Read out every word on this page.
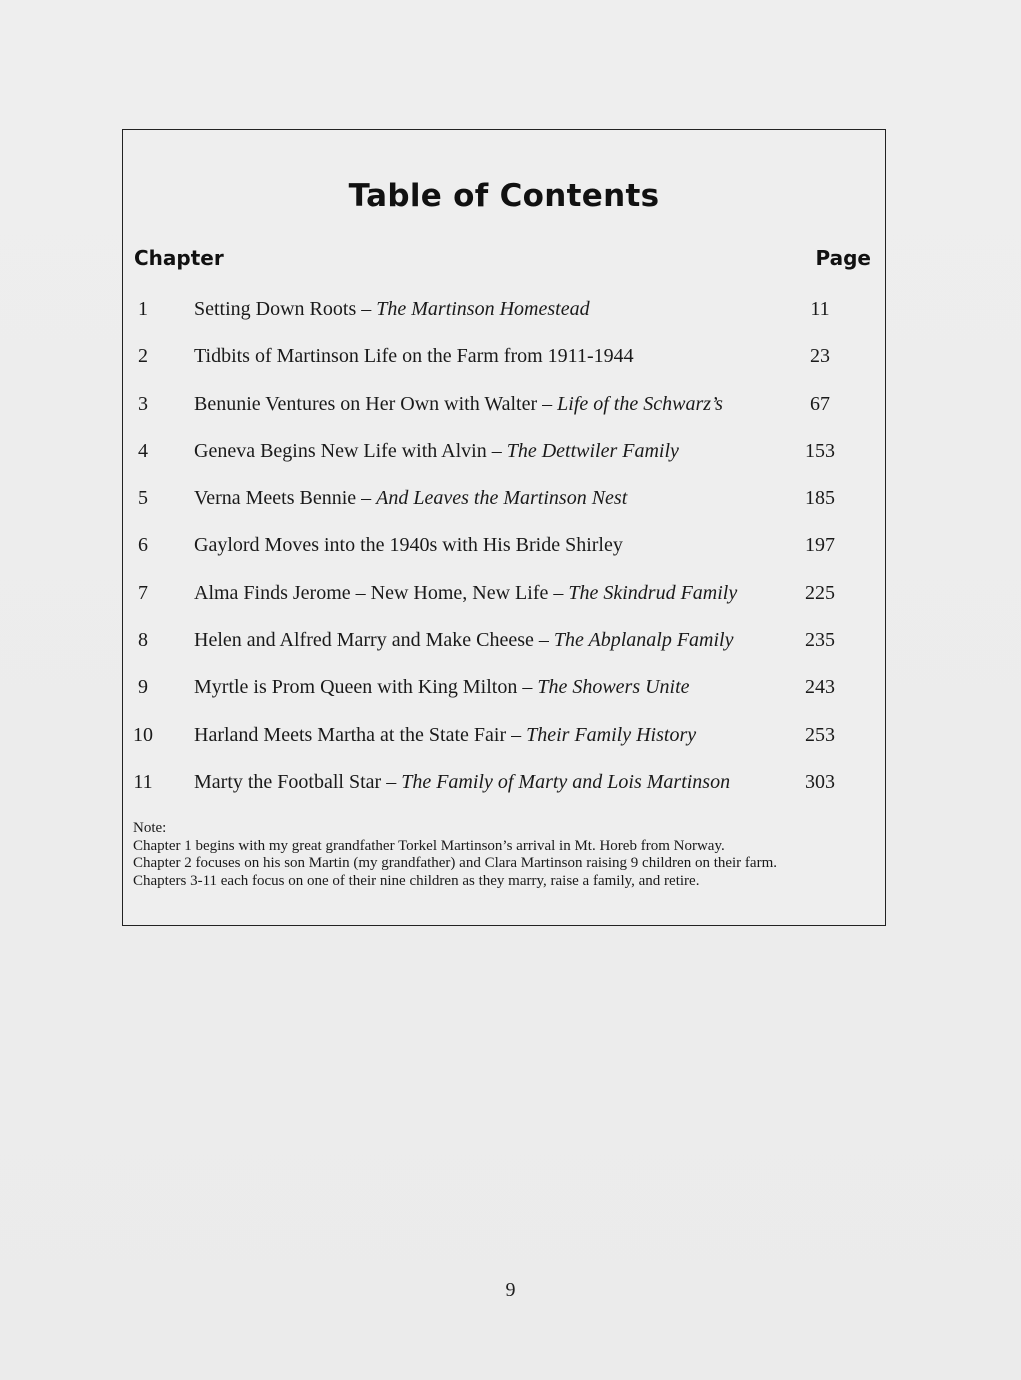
Table of Contents
Chapter	Page
1	Setting Down Roots – The Martinson Homestead	11
2	Tidbits of Martinson Life on the Farm from 1911-1944	23
3	Benunie Ventures on Her Own with Walter – Life of the Schwarz’s	67
4	Geneva Begins New Life with Alvin – The Dettwiler Family	153
5	Verna Meets Bennie – And Leaves the Martinson Nest	185
6	Gaylord Moves into the 1940s with His Bride Shirley	197
7	Alma Finds Jerome – New Home, New Life – The Skindrud Family	225
8	Helen and Alfred Marry and Make Cheese – The Abplanalp Family	235
9	Myrtle is Prom Queen with King Milton – The Showers Unite	243
10	Harland Meets Martha at the State Fair – Their Family History	253
11	Marty the Football Star – The Family of Marty and Lois Martinson	303
Note:
Chapter 1 begins with my great grandfather Torkel Martinson’s arrival in Mt. Horeb from Norway.
Chapter 2 focuses on his son Martin (my grandfather) and Clara Martinson raising 9 children on their farm.
Chapters 3-11 each focus on one of their nine children as they marry, raise a family, and retire.
9
